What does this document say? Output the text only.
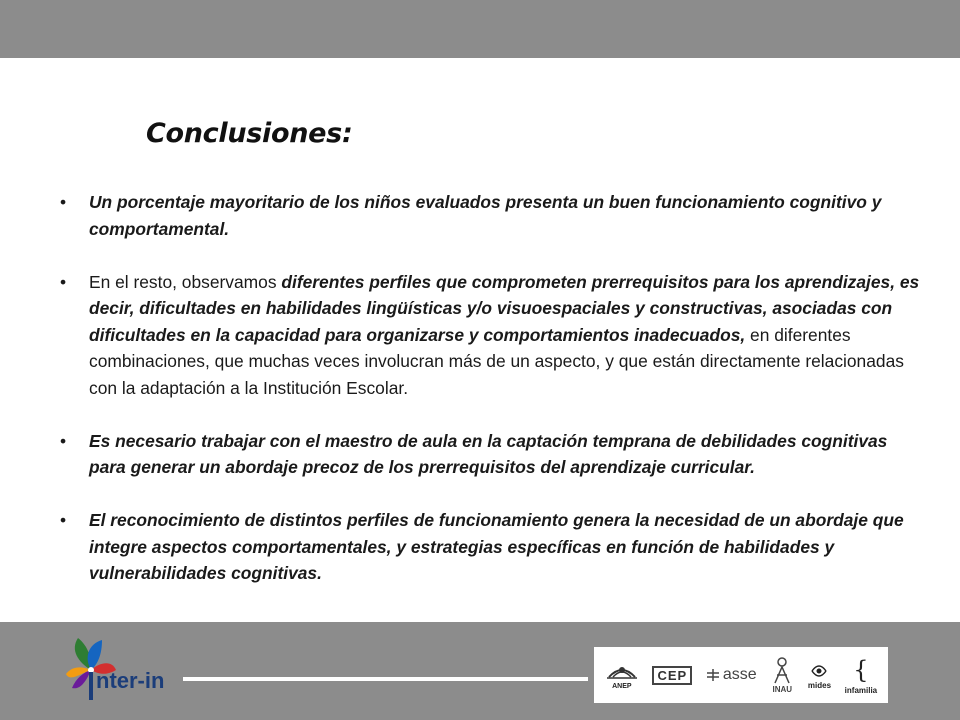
Conclusiones:
• Un porcentaje mayoritario de los niños evaluados presenta un buen funcionamiento cognitivo y comportamental.
• En el resto, observamos diferentes perfiles que comprometen prerrequisitos para los aprendizajes, es decir, dificultades en habilidades lingüísticas y/o visuoespaciales y constructivas, asociadas con dificultades en la capacidad para organizarse y comportamientos inadecuados, en diferentes combinaciones, que muchas veces involucran más de un aspecto, y que están directamente relacionadas con la adaptación a la Institución Escolar.
• Es necesario trabajar con el maestro de aula en la captación temprana de debilidades cognitivas para generar un abordaje precoz de los prerrequisitos del aprendizaje curricular.
• El reconocimiento de distintos perfiles de funcionamiento genera la necesidad de un abordaje que integre aspectos comportamentales, y estrategias específicas en función de habilidades y vulnerabilidades cognitivas.
nter-in	ANEP
CEP	asse
INAU mides
{
infamilia
